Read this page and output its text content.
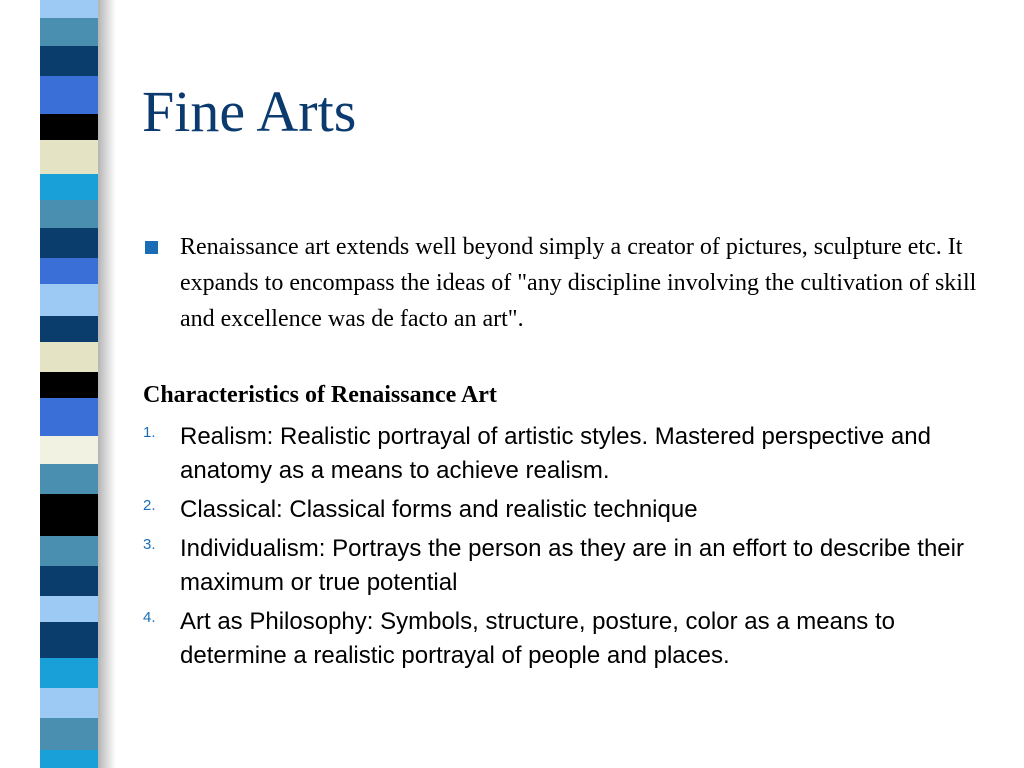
Fine Arts
Renaissance art extends well beyond simply a creator of pictures, sculpture etc. It expands to encompass the ideas of "any discipline involving the cultivation of skill and excellence was de facto an art".
Characteristics of Renaissance Art
1. Realism: Realistic portrayal of artistic styles. Mastered perspective and anatomy as a means to achieve realism.
2. Classical: Classical forms and realistic technique
3. Individualism: Portrays the person as they are in an effort to describe their maximum or true potential
4. Art as Philosophy: Symbols, structure, posture, color as a means to determine a realistic portrayal of people and places.
